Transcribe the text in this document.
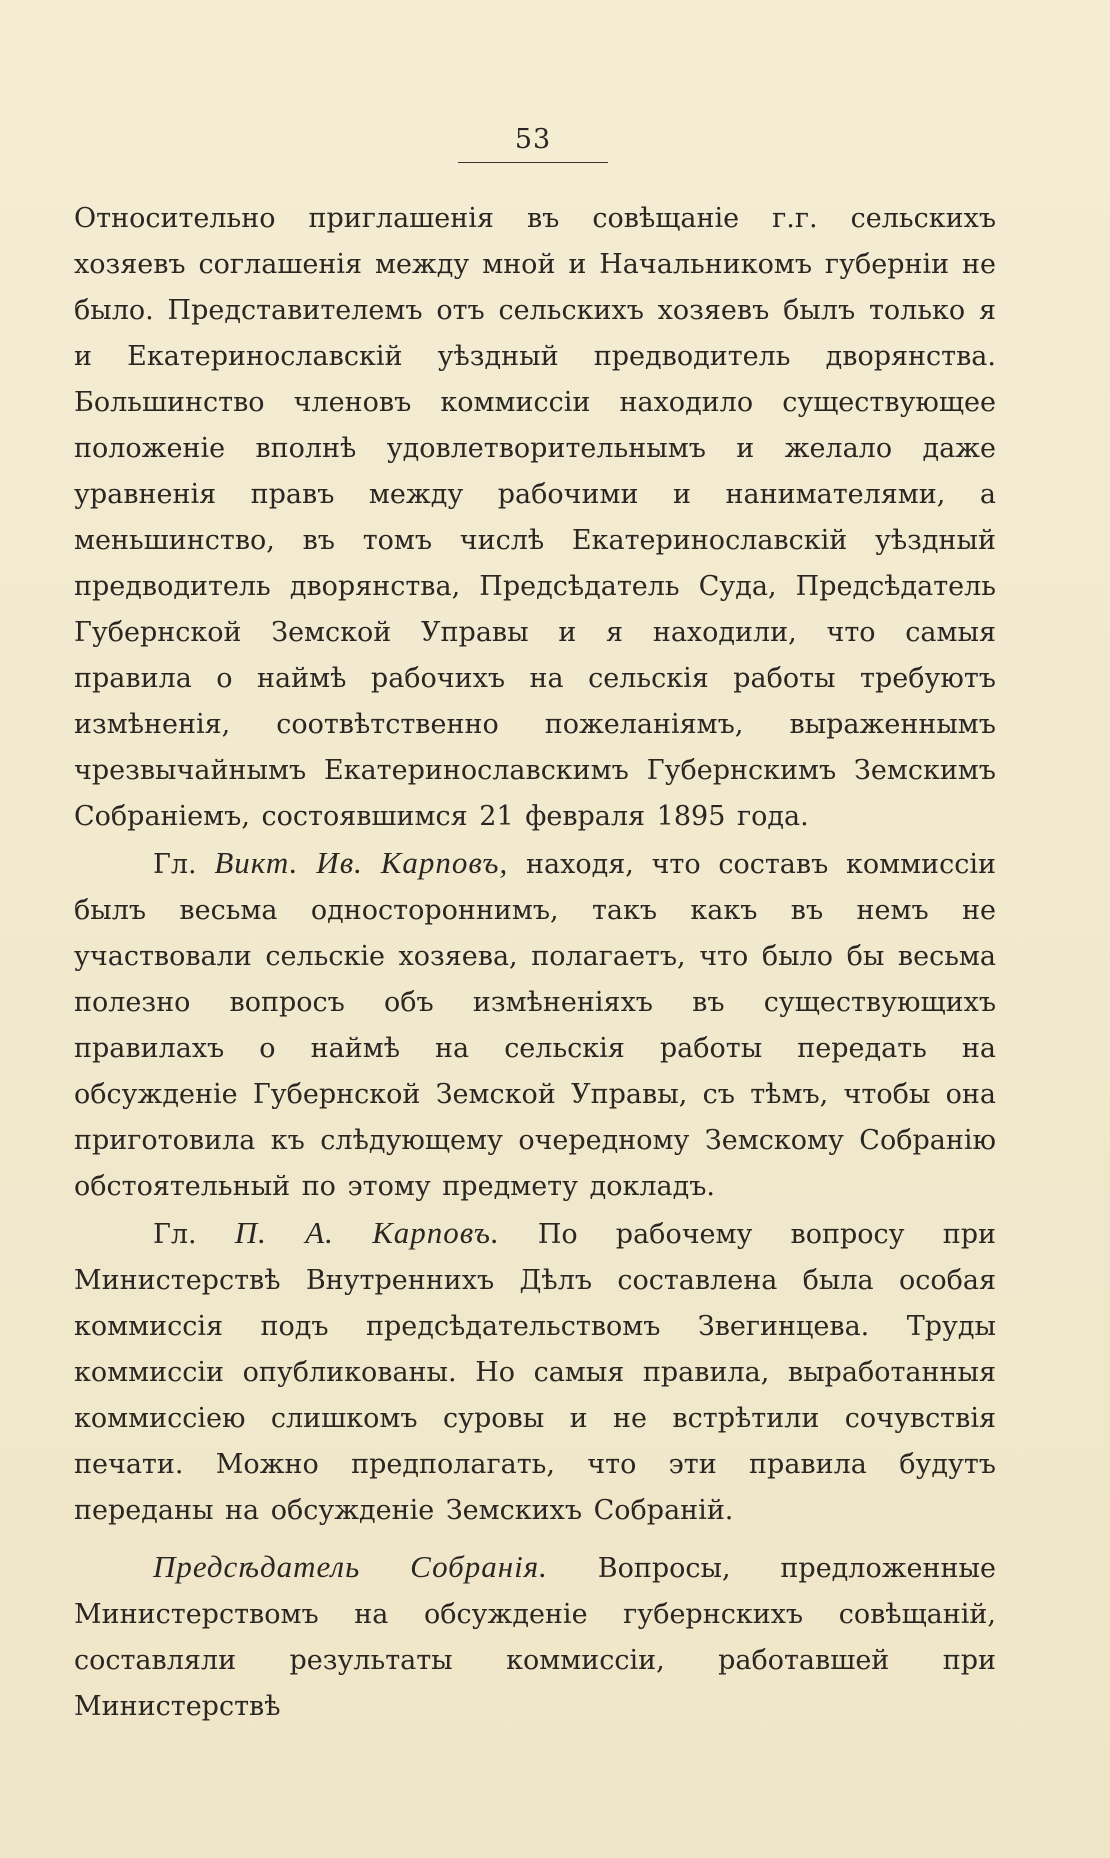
53

Относительно приглашенія въ совѣщаніе г.г. сельскихъ хозяевъ соглашенія между мной и Начальникомъ губерніи не было. Представителемъ отъ сельскихъ хозяевъ былъ только я и Екатеринославскій уѣздный предводитель дворянства. Большинство членовъ коммиссіи находило существующее положеніе вполнѣ удовлетворительнымъ и желало даже уравненія правъ между рабочими и нанимателями, а меньшинство, въ томъ числѣ Екатеринославскій уѣздный предводитель дворянства, Предсѣдатель Суда, Предсѣдатель Губернской Земской Управы и я находили, что самыя правила о наймѣ рабочихъ на сельскія работы требуютъ измѣненія, соотвѣтственно пожеланіямъ, выраженнымъ чрезвычайнымъ Екатеринославскимъ Губернскимъ Земскимъ Собраніемъ, состоявшимся 21 февраля 1895 года.

Гл. Викт. Ив. Карповъ, находя, что составъ коммиссіи былъ весьма одностороннимъ, такъ какъ въ немъ не участвовали сельскіе хозяева, полагаетъ, что было бы весьма полезно вопросъ объ измѣненіяхъ въ существующихъ правилахъ о наймѣ на сельскія работы передать на обсужденіе Губернской Земской Управы, съ тѣмъ, чтобы она приготовила къ слѣдующему очередному Земскому Собранію обстоятельный по этому предмету докладъ.

Гл. П. А. Карповъ. По рабочему вопросу при Министерствѣ Внутреннихъ Дѣлъ составлена была особая коммиссія подъ предсѣдательствомъ Звегинцева. Труды коммиссіи опубликованы. Но самыя правила, выработанныя коммиссіею слишкомъ суровы и не встрѣтили сочувствія печати. Можно предполагать, что эти правила будутъ переданы на обсужденіе Земскихъ Собраній.

Предсѣдатель Собранія. Вопросы, предложенные Министерствомъ на обсужденіе губернскихъ совѣщаній, составляли результаты коммиссіи, работавшей при Министерствѣ
